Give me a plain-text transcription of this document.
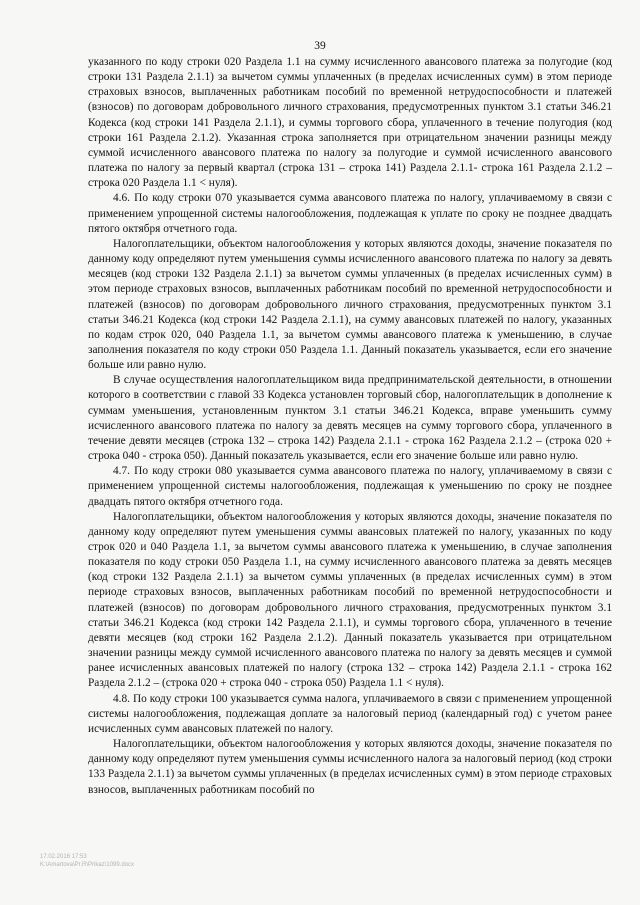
39

указанного по коду строки 020 Раздела 1.1 на сумму исчисленного авансового платежа за полугодие (код строки 131 Раздела 2.1.1) за вычетом суммы уплаченных (в пределах исчисленных сумм) в этом периоде страховых взносов, выплаченных работникам пособий по временной нетрудоспособности и платежей (взносов) по договорам добровольного личного страхования, предусмотренных пунктом 3.1 статьи 346.21 Кодекса (код строки 141 Раздела 2.1.1), и суммы торгового сбора, уплаченного в течение полугодия (код строки 161 Раздела 2.1.2). Указанная строка заполняется при отрицательном значении разницы между суммой исчисленного авансового платежа по налогу за полугодие и суммой исчисленного авансового платежа по налогу за первый квартал (строка 131 – строка 141) Раздела 2.1.1- строка 161 Раздела 2.1.2 – строка 020 Раздела 1.1 < нуля).

4.6. По коду строки 070 указывается сумма авансового платежа по налогу, уплачиваемому в связи с применением упрощенной системы налогообложения, подлежащая к уплате по сроку не позднее двадцать пятого октября отчетного года.

Налогоплательщики, объектом налогообложения у которых являются доходы, значение показателя по данному коду определяют путем уменьшения суммы исчисленного авансового платежа по налогу за девять месяцев (код строки 132 Раздела 2.1.1) за вычетом суммы уплаченных (в пределах исчисленных сумм) в этом периоде страховых взносов, выплаченных работникам пособий по временной нетрудоспособности и платежей (взносов) по договорам добровольного личного страхования, предусмотренных пунктом 3.1 статьи 346.21 Кодекса (код строки 142 Раздела 2.1.1), на сумму авансовых платежей по налогу, указанных по кодам строк 020, 040 Раздела 1.1, за вычетом суммы авансового платежа к уменьшению, в случае заполнения показателя по коду строки 050 Раздела 1.1. Данный показатель указывается, если его значение больше или равно нулю.

В случае осуществления налогоплательщиком вида предпринимательской деятельности, в отношении которого в соответствии с главой 33 Кодекса установлен торговый сбор, налогоплательщик в дополнение к суммам уменьшения, установленным пунктом 3.1 статьи 346.21 Кодекса, вправе уменьшить сумму исчисленного авансового платежа по налогу за девять месяцев на сумму торгового сбора, уплаченного в течение девяти месяцев (строка 132 – строка 142) Раздела 2.1.1 - строка 162 Раздела 2.1.2 – (строка 020 + строка 040 - строка 050). Данный показатель указывается, если его значение больше или равно нулю.

4.7. По коду строки 080 указывается сумма авансового платежа по налогу, уплачиваемому в связи с применением упрощенной системы налогообложения, подлежащая к уменьшению по сроку не позднее двадцать пятого октября отчетного года.

Налогоплательщики, объектом налогообложения у которых являются доходы, значение показателя по данному коду определяют путем уменьшения суммы авансовых платежей по налогу, указанных по коду строк 020 и 040 Раздела 1.1, за вычетом суммы авансового платежа к уменьшению, в случае заполнения показателя по коду строки 050 Раздела 1.1, на сумму исчисленного авансового платежа за девять месяцев (код строки 132 Раздела 2.1.1) за вычетом суммы уплаченных (в пределах исчисленных сумм) в этом периоде страховых взносов, выплаченных работникам пособий по временной нетрудоспособности и платежей (взносов) по договорам добровольного личного страхования, предусмотренных пунктом 3.1 статьи 346.21 Кодекса (код строки 142 Раздела 2.1.1), и суммы торгового сбора, уплаченного в течение девяти месяцев (код строки 162 Раздела 2.1.2). Данный показатель указывается при отрицательном значении разницы между суммой исчисленного авансового платежа по налогу за девять месяцев и суммой ранее исчисленных авансовых платежей по налогу (строка 132 – строка 142) Раздела 2.1.1 - строка 162 Раздела 2.1.2 – (строка 020 + строка 040 - строка 050) Раздела 1.1 < нуля).

4.8. По коду строки 100 указывается сумма налога, уплачиваемого в связи с применением упрощенной системы налогообложения, подлежащая доплате за налоговый период (календарный год) с учетом ранее исчисленных сумм авансовых платежей по налогу.

Налогоплательщики, объектом налогообложения у которых являются доходы, значение показателя по данному коду определяют путем уменьшения суммы исчисленного налога за налоговый период (код строки 133 Раздела 2.1.1) за вычетом суммы уплаченных (в пределах исчисленных сумм) в этом периоде страховых взносов, выплаченных работникам пособий по

17.02.2016 17:53
K:\Amartova\Pr.R\Prikaz\1099.docx
